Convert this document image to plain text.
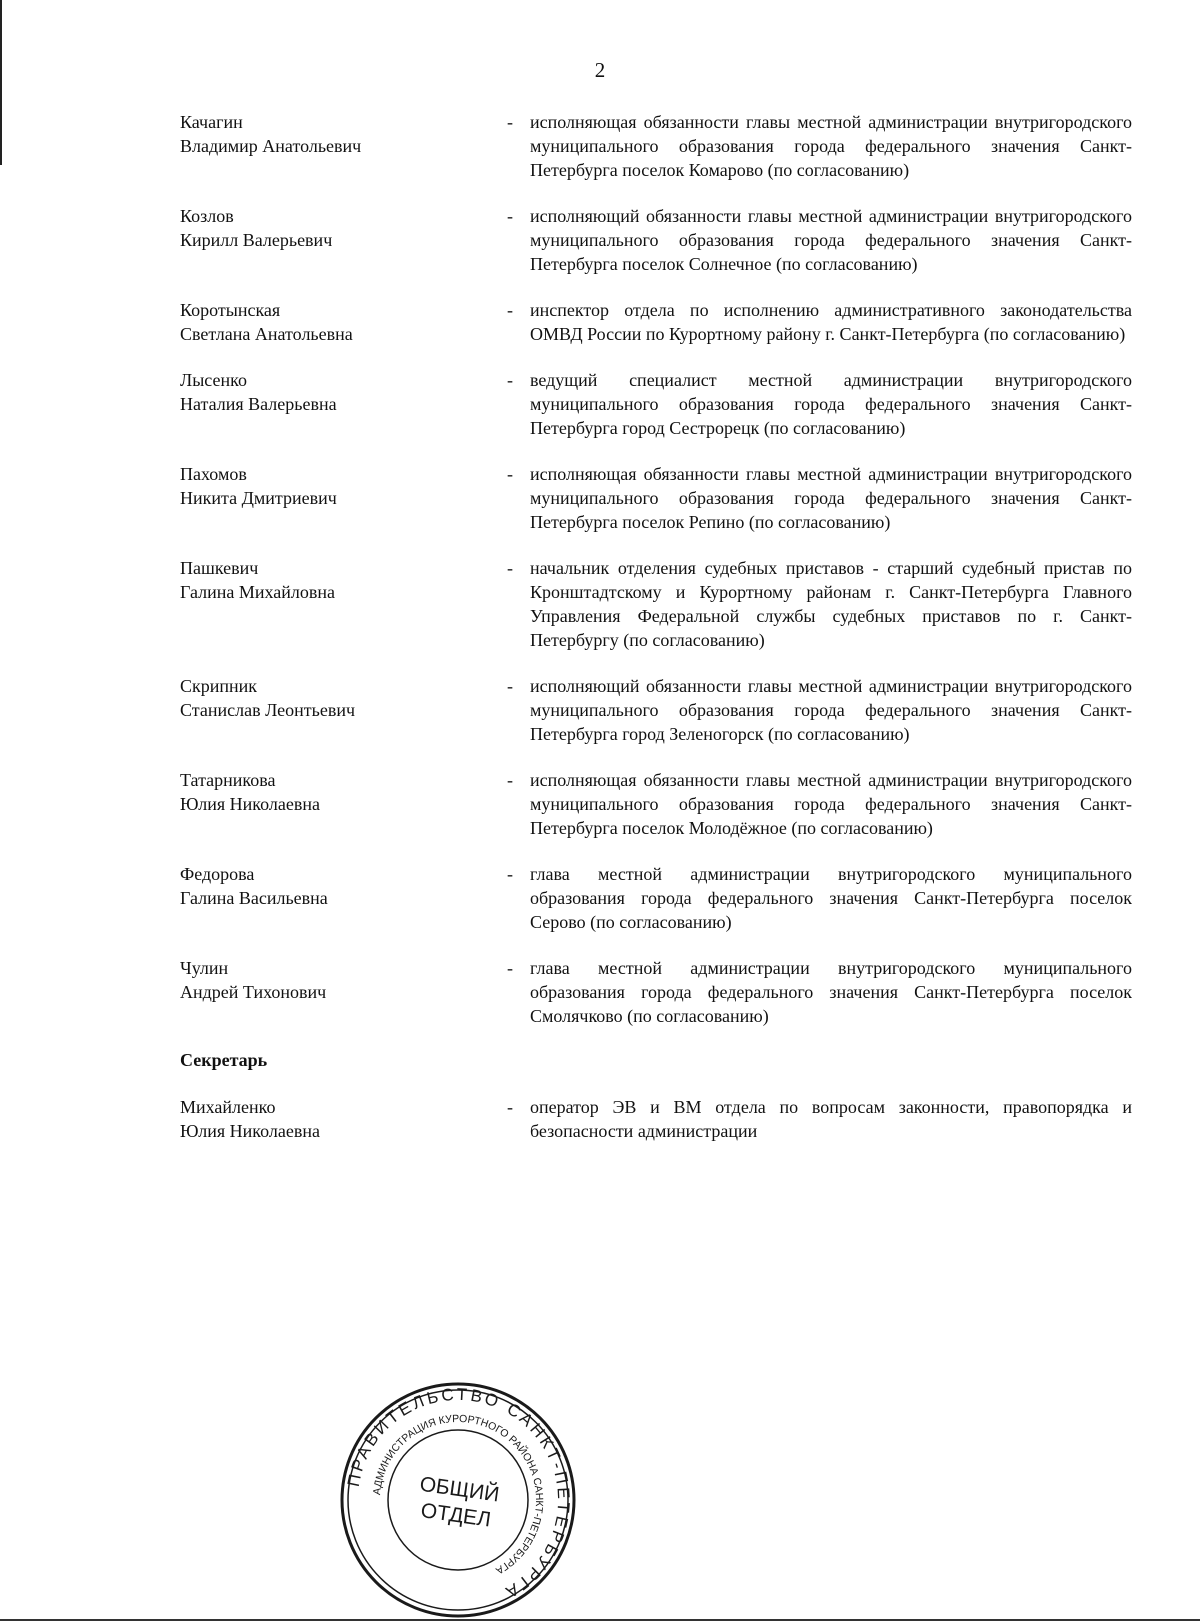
2
Качагин
Владимир Анатольевич
- исполняющая обязанности главы местной администрации внутригородского муниципального образования города федерального значения Санкт-Петербурга поселок Комарово (по согласованию)
Козлов
Кирилл Валерьевич
- исполняющий обязанности главы местной администрации внутригородского муниципального образования города федерального значения Санкт-Петербурга поселок Солнечное (по согласованию)
Коротынская
Светлана Анатольевна
- инспектор отдела по исполнению административного законодательства ОМВД России по Курортному району г. Санкт-Петербурга (по согласованию)
Лысенко
Наталия Валерьевна
- ведущий специалист местной администрации внутригородского муниципального образования города федерального значения Санкт-Петербурга город Сестрорецк (по согласованию)
Пахомов
Никита Дмитриевич
- исполняющая обязанности главы местной администрации внутригородского муниципального образования города федерального значения Санкт-Петербурга поселок Репино (по согласованию)
Пашкевич
Галина Михайловна
- начальник отделения судебных приставов - старший судебный пристав по Кронштадтскому и Курортному районам г. Санкт-Петербурга Главного Управления Федеральной службы судебных приставов по г. Санкт-Петербургу (по согласованию)
Скрипник
Станислав Леонтьевич
- исполняющий обязанности главы местной администрации внутригородского муниципального образования города федерального значения Санкт-Петербурга город Зеленогорск (по согласованию)
Татарникова
Юлия Николаевна
- исполняющая обязанности главы местной администрации внутригородского муниципального образования города федерального значения Санкт-Петербурга поселок Молодёжное (по согласованию)
Федорова
Галина Васильевна
- глава местной администрации внутригородского муниципального образования города федерального значения Санкт-Петербурга поселок Серово (по согласованию)
Чулин
Андрей Тихонович
- глава местной администрации внутригородского муниципального образования города федерального значения Санкт-Петербурга поселок Смолячково (по согласованию)
Секретарь
Михайленко
Юлия Николаевна
- оператор ЭВ и ВМ отдела по вопросам законности, правопорядка и безопасности администрации
ПРАВИТЕЛЬСТВО САНКТ-ПЕТЕРБУРГА
АДМИНИСТРАЦИЯ КУРОРТНОГО РАЙОНА САНКТ-ПЕТЕРБУРГА
ОБЩИЙ
ОТДЕЛ
